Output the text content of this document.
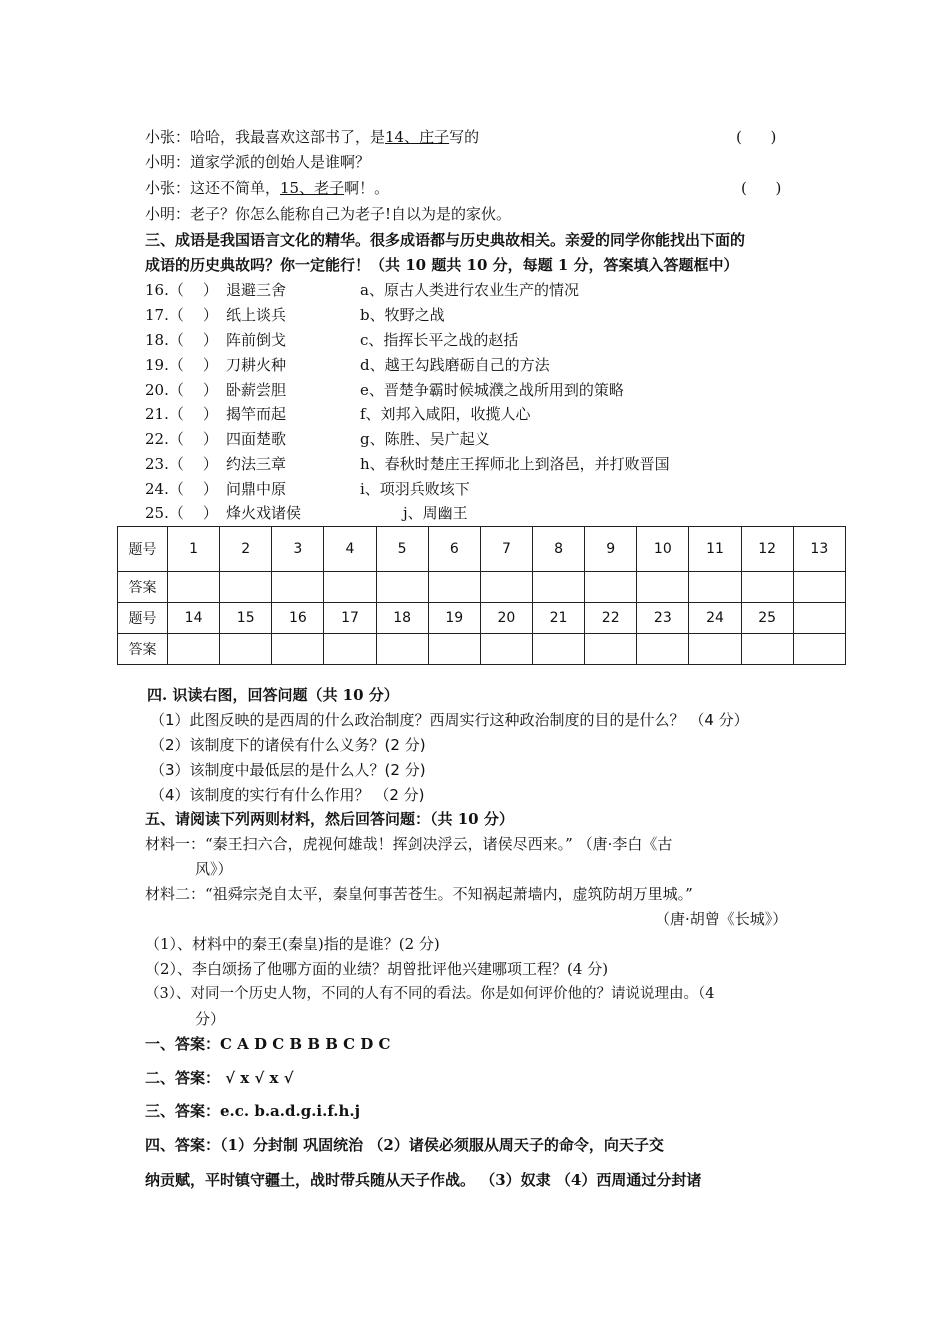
小张：哈哈，我最喜欢这部书了，是14、庄子写的	(      )
小明：道家学派的创始人是谁啊？
小张：这还不简单，15、老子啊！。	(      )
小明：老子？你怎么能称自己为老子!自以为是的家伙。
三、成语是我国语言文化的精华。很多成语都与历史典故相关。亲爱的同学你能找出下面的
成语的历史典故吗？你一定能行！（共 10 题共 10 分，每题 1 分，答案填入答题框中）
16.（    ） 退避三舍	a、原古人类进行农业生产的情况
17.（    ） 纸上谈兵	b、牧野之战
18.（    ） 阵前倒戈	c、指挥长平之战的赵括
19.（    ） 刀耕火种	d、越王勾践磨砺自己的方法
20.（    ） 卧薪尝胆	e、晋楚争霸时候城濮之战所用到的策略
21.（    ） 揭竿而起	f、刘邦入咸阳，收揽人心
22.（    ） 四面楚歌	g、陈胜、吴广起义
23.（    ） 约法三章	h、春秋时楚庄王挥师北上到洛邑，并打败晋国
24.（    ） 问鼎中原	i、项羽兵败垓下
25.（    ） 烽火戏诸侯	j、周幽王
题号	1	2	3	4	5	6	7	8	9	10	11	12	13
答案													
题号	14	15	16	17	18	19	20	21	22	23	24	25	
答案													
四. 识读右图，回答问题（共 10 分）
（1）此图反映的是西周的什么政治制度？西周实行这种政治制度的目的是什么？ （4 分）
（2）该制度下的诸侯有什么义务？(2 分)
（3）该制度中最低层的是什么人？(2 分)
（4）该制度的实行有什么作用？ （2 分)
五、请阅读下列两则材料，然后回答问题：（共 10 分）
材料一：“秦王扫六合，虎视何雄哉！挥剑决浮云，诸侯尽西来。” （唐·李白《古
风》）
材料二：“祖舜宗尧自太平，秦皇何事苦苍生。不知祸起萧墙内，虚筑防胡万里城。”
（唐·胡曾《长城》）
（1）、材料中的秦王(秦皇)指的是谁？(2 分)
（2）、李白颂扬了他哪方面的业绩？胡曾批评他兴建哪项工程？(4 分)
（3）、对同一个历史人物，不同的人有不同的看法。你是如何评价他的？请说说理由。（4
分）
一、答案：C A D C B B B C D C
二、答案： √ x √ x √
三、答案：e.c. b.a.d.g.i.f.h.j
四、答案：（1）分封制 巩固统治 （2）诸侯必须服从周天子的命令，向天子交
纳贡赋，平时镇守疆土，战时带兵随从天子作战。 （3）奴隶 （4）西周通过分封诸
